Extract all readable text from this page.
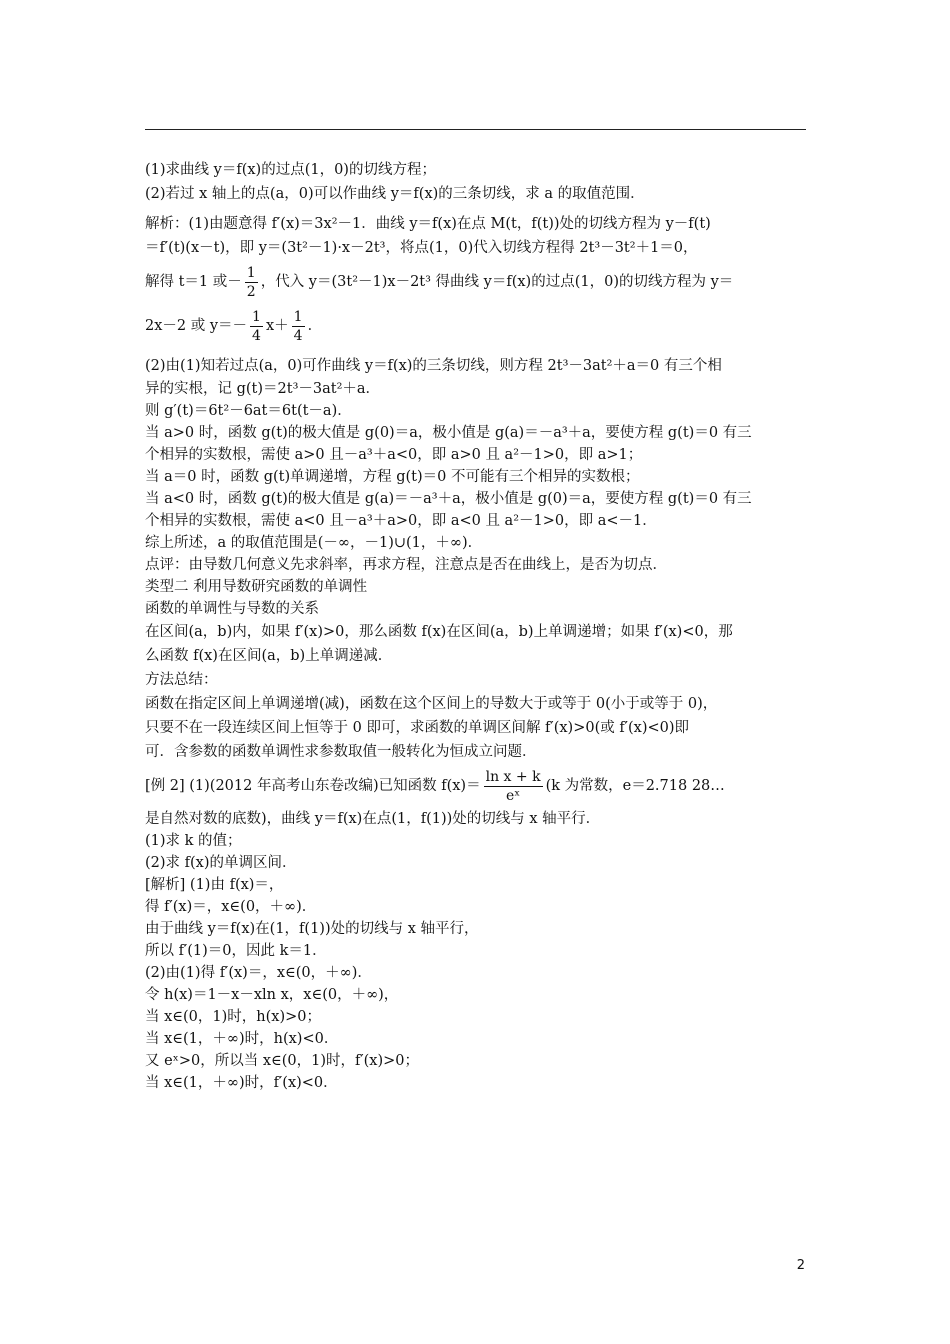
(1)求曲线 y＝f(x)的过点(1，0)的切线方程；

(2)若过 x 轴上的点(a，0)可以作曲线 y＝f(x)的三条切线，求 a 的取值范围．

解析：(1)由题意得 f′(x)＝3x²－1．曲线 y＝f(x)在点 M(t，f(t))处的切线方程为 y－f(t)

＝f′(t)(x－t)，即 y＝(3t²－1)·x－2t³，将点(1，0)代入切线方程得 2t³－3t²＋1＝0，

解得 t＝1 或－ $\frac{1}{2}$ ，代入 y＝(3t²－1)x－2t³ 得曲线 y＝f(x)的过点(1，0)的切线方程为 y＝

2x－2 或 $y=- \frac{1}{4} x+ \frac{1}{4}$ ．

(2)由(1)知若过点(a，0)可作曲线 y＝f(x)的三条切线，则方程 2t³－3at²＋a＝0 有三个相

异的实根，记 g(t)＝2t³－3at²＋a．

则 g′(t)＝6t²－6at＝6t(t－a)．

当 a>0 时，函数 g(t)的极大值是 g(0)＝a，极小值是 g(a)＝－a³＋a，要使方程 g(t)＝0 有三

个相异的实数根，需使 a>0 且－a³＋a<0，即 a>0 且 a²－1>0，即 a>1；

当 a＝0 时，函数 g(t)单调递增，方程 g(t)＝0 不可能有三个相异的实数根；

当 a<0 时，函数 g(t)的极大值是 g(a)＝－a³＋a，极小值是 g(0)＝a，要使方程 g(t)＝0 有三

个相异的实数根，需使 a<0 且－a³＋a>0，即 a<0 且 a²－1>0，即 a<－1．

综上所述，a 的取值范围是(－∞，－1)∪(1，＋∞)．

点评：由导数几何意义先求斜率，再求方程，注意点是否在曲线上，是否为切点．

类型二 利用导数研究函数的单调性

函数的单调性与导数的关系

在区间(a，b)内，如果 f′(x)>0，那么函数 f(x)在区间(a，b)上单调递增；如果 f′(x)<0，那

么函数 f(x)在区间(a，b)上单调递减．

方法总结：

函数在指定区间上单调递增(减)，函数在这个区间上的导数大于或等于 0(小于或等于 0)，

只要不在一段连续区间上恒等于 0 即可，求函数的单调区间解 f′(x)>0(或 f′(x)<0)即

可．含参数的函数单调性求参数取值一般转化为恒成立问题．

[例 2] (1)(2012 年高考山东卷改编)已知函数 $f(x)= \frac{\text{ln x + k}}{\text{eˣ}} (k$ 为常数，e＝2.718 28…

是自然对数的底数)，曲线 y＝f(x)在点(1，f(1))处的切线与 x 轴平行．

(1)求 k 的值；

(2)求 f(x)的单调区间．

[解析] (1)由 f(x)＝，

得 f′(x)＝，x∈(0，＋∞)．

由于曲线 y＝f(x)在(1，f(1))处的切线与 x 轴平行，

所以 f′(1)＝0，因此 k＝1．

(2)由(1)得 f′(x)＝，x∈(0，＋∞)．

令 h(x)＝1－x－xln x，x∈(0，＋∞)，

当 x∈(0，1)时，h(x)>0；

当 x∈(1，＋∞)时，h(x)<0．

又 eˣ>0，所以当 x∈(0，1)时，f′(x)>0；

当 x∈(1，＋∞)时，f′(x)<0．

2
